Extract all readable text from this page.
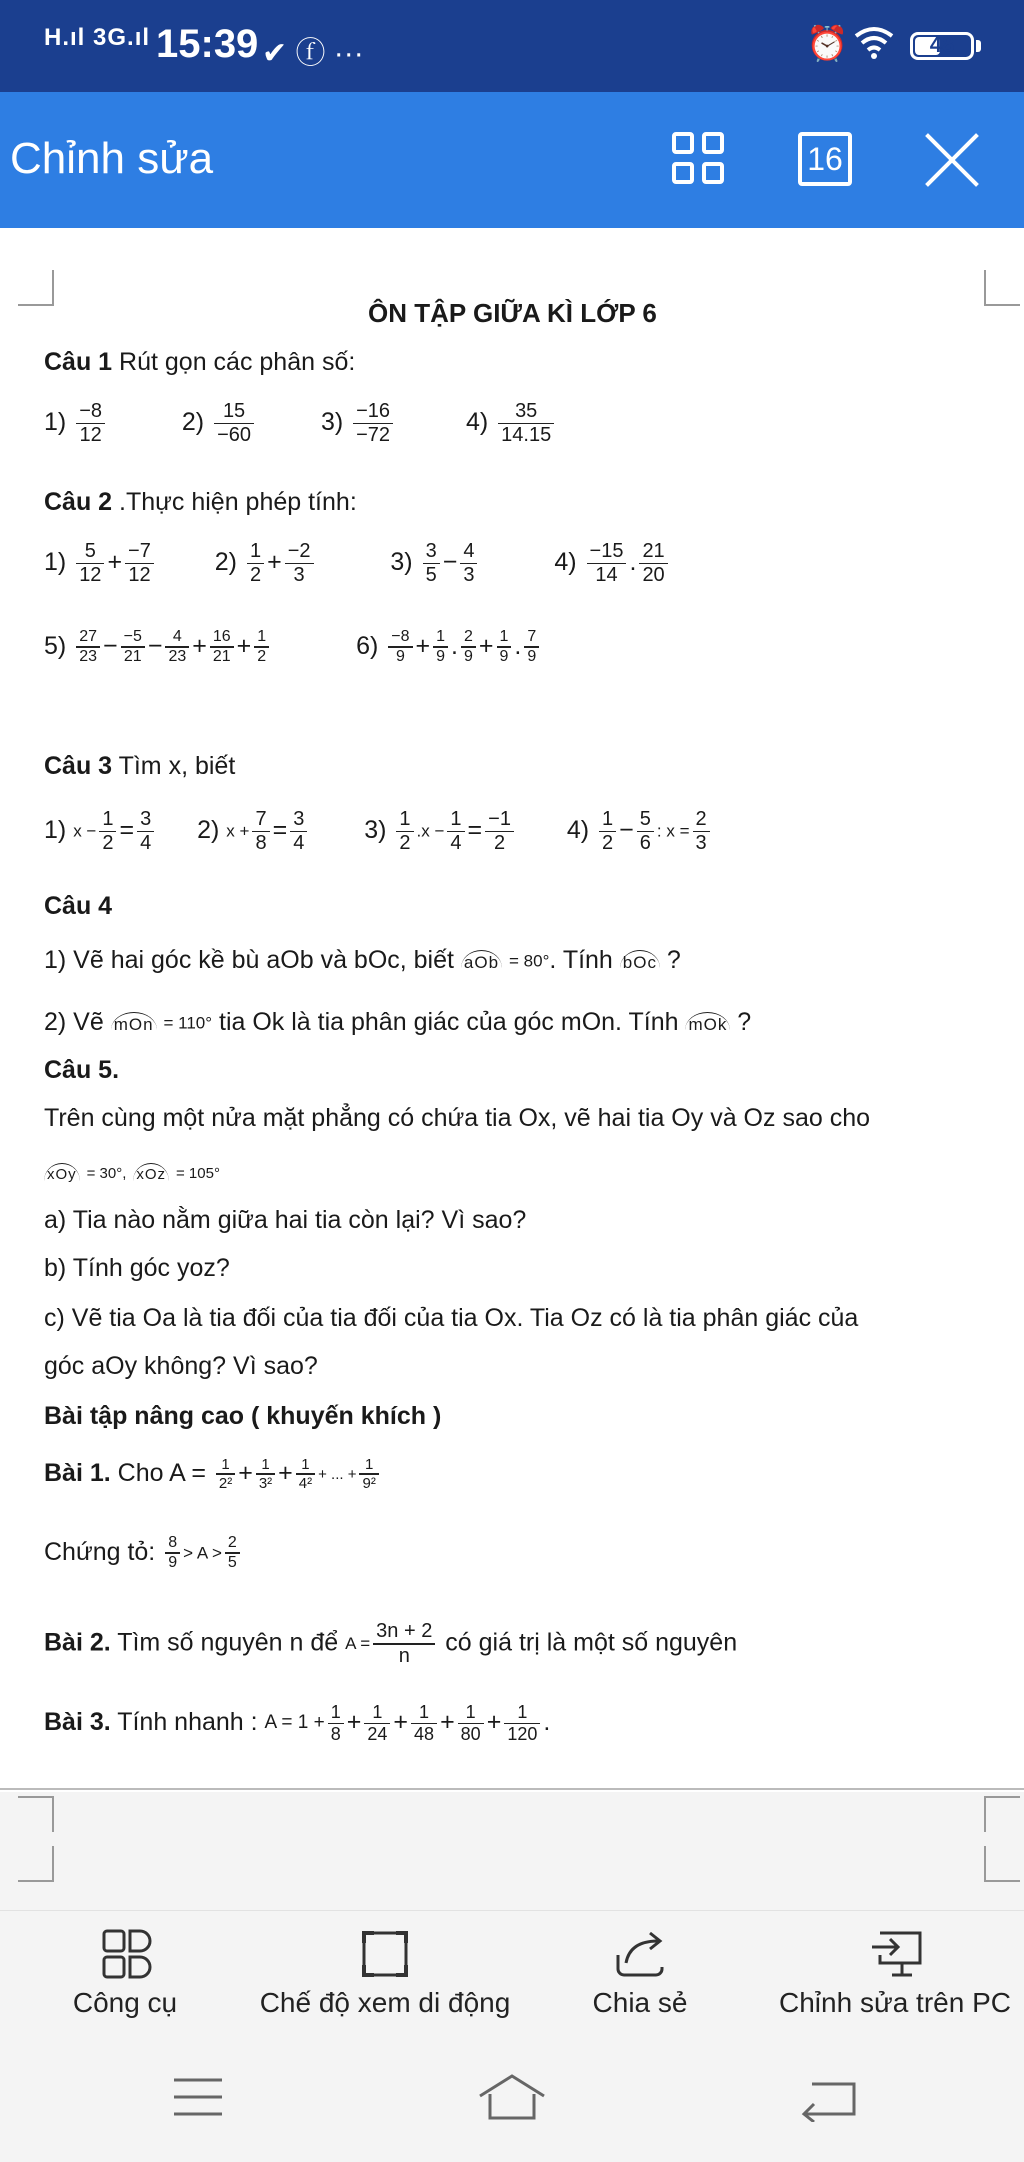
H.ıl 3G.ıl 15:39 ✔ ⓕ ···	⏰	48
Chỉnh sửa	16
ÔN TẬP GIỮA KÌ LỚP 6
Câu 1 Rút gọn các phân số:
$1) \frac{-8}{12}$	$2) \frac{15}{-60}$	$3) \frac{-16}{-72}$	$4) \frac{35}{14.15}$
Câu 2 .Thực hiện phép tính:
$1) \frac{5}{12} + \frac{-7}{12} 2) \frac{1}{2} + \frac{-2}{3}$	$3) \frac{3}{5} - \frac{4}{3}$	$4) \frac{-15}{14}$ . $\frac{21}{20}$
$5) \frac{27}{23} - \frac{-5}{21} - \frac{4}{23} + \frac{16}{21} + \frac{1}{2}$	$6) \frac{-8}{9} + \frac{1}{9}$ . $\frac{2}{9} + \frac{1}{9}$ . $\frac{7}{9}$
Câu 3 Tìm x, biết
1) $x - \frac{1}{2} = \frac{3}{4} 2$) $x + \frac{7}{8} = \frac{3}{4} 3) \frac{1}{2} .x - \frac{1}{4} = \frac{-1}{2} 4) \frac{1}{2} - \frac{5}{6}$ : $x = \frac{2}{3}$
Câu 4
1) Vẽ hai góc kề bù aOb và bOc, biết aOb = 80°. Tính bOc ?
2) Vẽ mOn = 110° tia Ok là tia phân giác của góc mOn. Tính mOk ?
Câu 5.
Trên cùng một nửa mặt phẳng có chứa tia Ox, vẽ hai tia Oy và Oz sao cho
xOy = 30°, xOz = 105°
a) Tia nào nằm giữa hai tia còn lại? Vì sao?
b) Tính góc yoz?
c) Vẽ tia Oa là tia đối của tia đối của tia Ox. Tia Oz có là tia phân giác của
góc aOy không? Vì sao?
Bài tập nâng cao ( khuyến khích )
Bài 1. Cho $A = \frac{1}{\text{2²}} + \frac{1}{\text{3²}} + \frac{1}{\text{4²}}$ + ... + $\frac{1}{\text{9²}}$
Chứng tỏ: $\frac{8}{9} > A > \frac{2}{5}$
Bài 2. Tìm số nguyên n để $A = \frac{3n + 2}{n}$ có giá trị là một số nguyên
Bài 3. Tính nhanh : $A = 1 + \frac{1}{8} + \frac{1}{24} + \frac{1}{48} + \frac{1}{80} + \frac{1}{120}$ .
Công cụ	Chế độ xem di động	Chia sẻ	Chỉnh sửa trên PC
